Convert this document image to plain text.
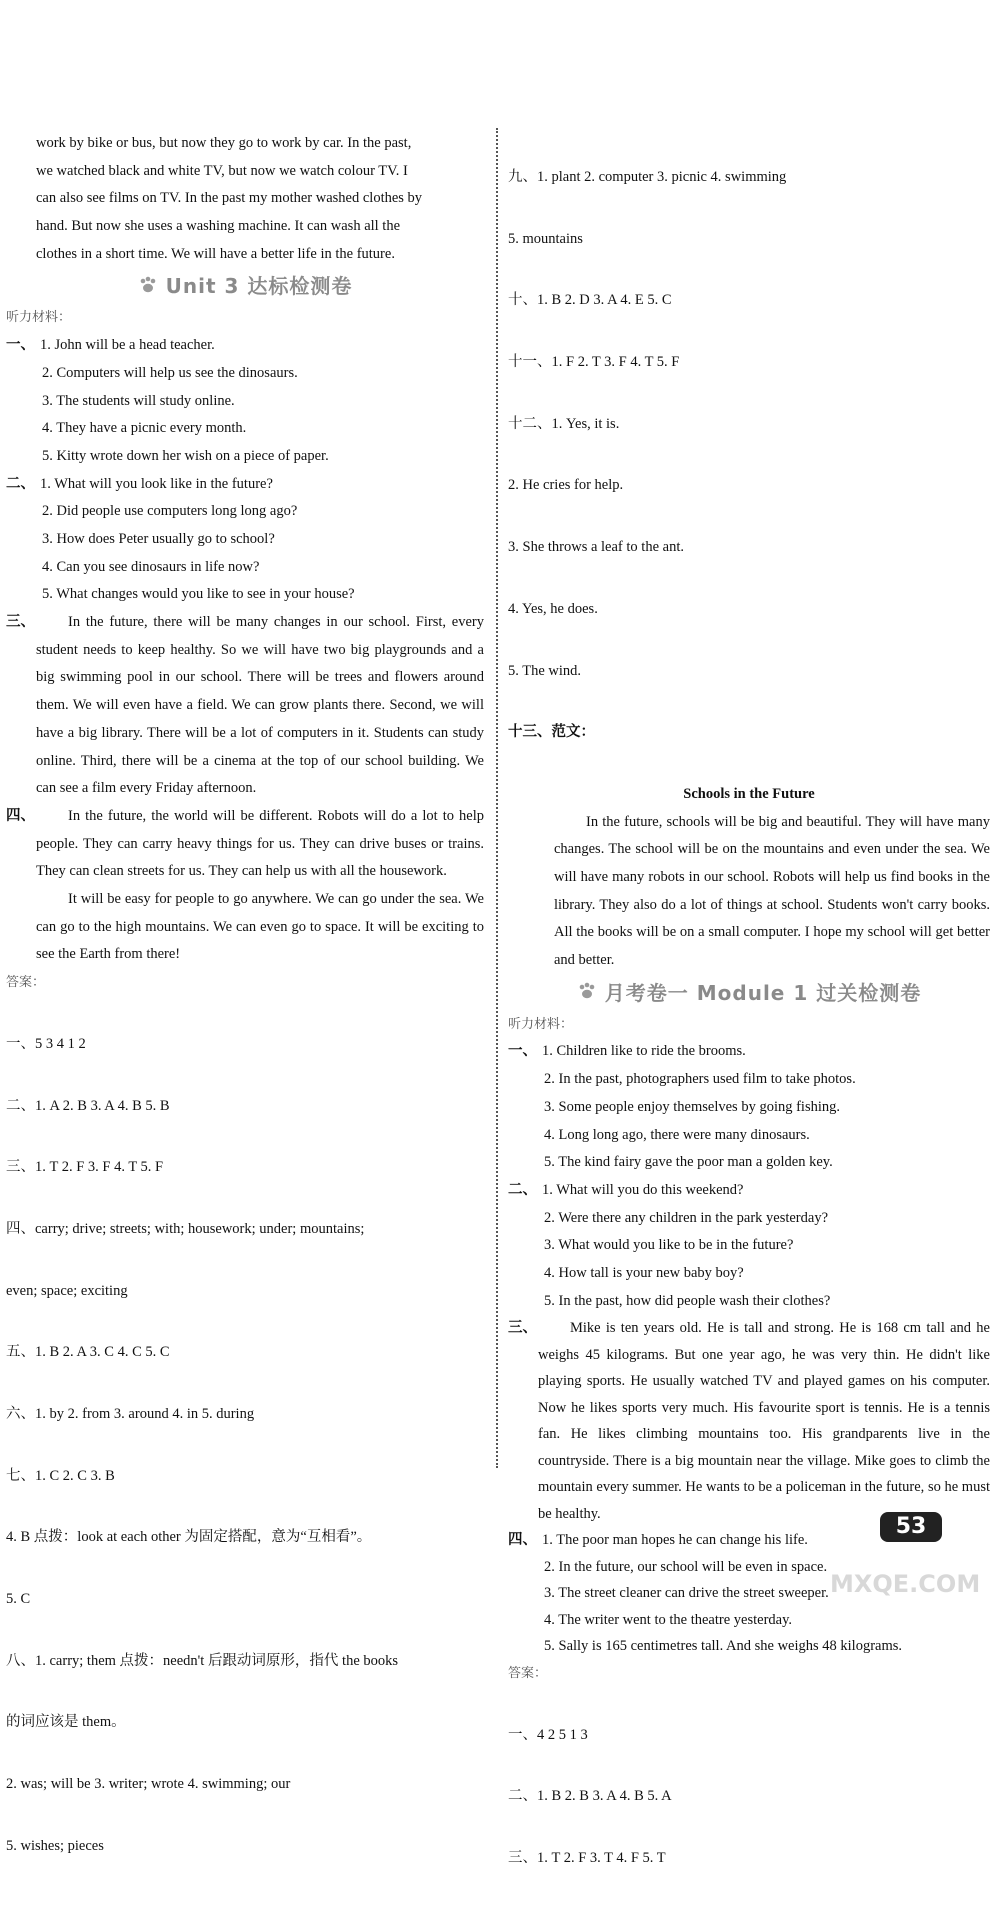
work by bike or bus, but now they go to work by car. In the past,
we watched black and white TV, but now we watch colour TV. I
can also see films on TV. In the past my mother washed clothes by
hand. But now she uses a washing machine. It can wash all the
clothes in a short time. We will have a better life in the future.
Unit 3 达标检测卷
听力材料：
一、 1. John will be a head teacher.
2. Computers will help us see the dinosaurs.
3. The students will study online.
4. They have a picnic every month.
5. Kitty wrote down her wish on a piece of paper.
二、 1. What will you look like in the future?
2. Did people use computers long long ago?
3. How does Peter usually go to school?
4. Can you see dinosaurs in life now?
5. What changes would you like to see in your house?
三、	In the future, there will be many changes in our school. First, every student needs to keep healthy. So we will have two big playgrounds and a big swimming pool in our school. There will be trees and flowers around them. We will even have a field. We can grow plants there. Second, we will have a big library. There will be a lot of computers in it. Students can study online. Third, there will be a cinema at the top of our school building. We can see a film every Friday afternoon.
四、	In the future, the world will be different. Robots will do a lot to help people. They can carry heavy things for us. They can drive buses or trains. They can clean streets for us. They can help us with all the housework.
It will be easy for people to go anywhere. We can go under the sea. We can go to the high mountains. We can even go to space. It will be exciting to see the Earth from there!
答案：

一、5 3 4 1 2

二、1. A 2. B 3. A 4. B 5. B

三、1. T 2. F 3. F 4. T 5. F

四、carry; drive; streets; with; housework; under; mountains;

even; space; exciting

五、1. B 2. A 3. C 4. C 5. C

六、1. by 2. from 3. around 4. in 5. during

七、1. C 2. C 3. B

4. B 点拨：look at each other 为固定搭配，意为“互相看”。

5. C

八、1. carry; them 点拨：needn't 后跟动词原形，指代 the books

的词应该是 them。

2. was; will be 3. writer; wrote 4. swimming; our

5. wishes; pieces

九、1. plant 2. computer 3. picnic 4. swimming

5. mountains

十、1. B 2. D 3. A 4. E 5. C

十一、1. F 2. T 3. F 4. T 5. F

十二、1. Yes, it is.

2. He cries for help.

3. She throws a leaf to the ant.

4. Yes, he does.

5. The wind.

十三、范文：

Schools in the Future
In the future, schools will be big and beautiful. They will have many changes. The school will be on the mountains and even under the sea. We will have many robots in our school. Robots will help us find books in the library. They also do a lot of things at school. Students won't carry books. All the books will be on a small computer. I hope my school will get better and better.
月考卷一 Module 1 过关检测卷
听力材料：
一、 1. Children like to ride the brooms.
2. In the past, photographers used film to take photos.
3. Some people enjoy themselves by going fishing.
4. Long long ago, there were many dinosaurs.
5. The kind fairy gave the poor man a golden key.
二、 1. What will you do this weekend?
2. Were there any children in the park yesterday?
3. What would you like to be in the future?
4. How tall is your new baby boy?
5. In the past, how did people wash their clothes?
三、	Mike is ten years old. He is tall and strong. He is 168 cm tall and he weighs 45 kilograms. But one year ago, he was very thin. He didn't like playing sports. He usually watched TV and played games on his computer. Now he likes sports very much. His favourite sport is tennis. He is a tennis fan. He likes climbing mountains too. His grandparents live in the countryside. There is a big mountain near the village. Mike goes to climb the mountain every summer. He wants to be a policeman in the future, so he must be healthy.
四、 1. The poor man hopes he can change his life.
2. In the future, our school will be even in space.
3. The street cleaner can drive the street sweeper.
4. The writer went to the theatre yesterday.
5. Sally is 165 centimetres tall. And she weighs 48 kilograms.
答案：

一、4 2 5 1 3

二、1. B 2. B 3. A 4. B 5. A

三、1. T 2. F 3. T 4. F 5. T

53
MXQE.COM
